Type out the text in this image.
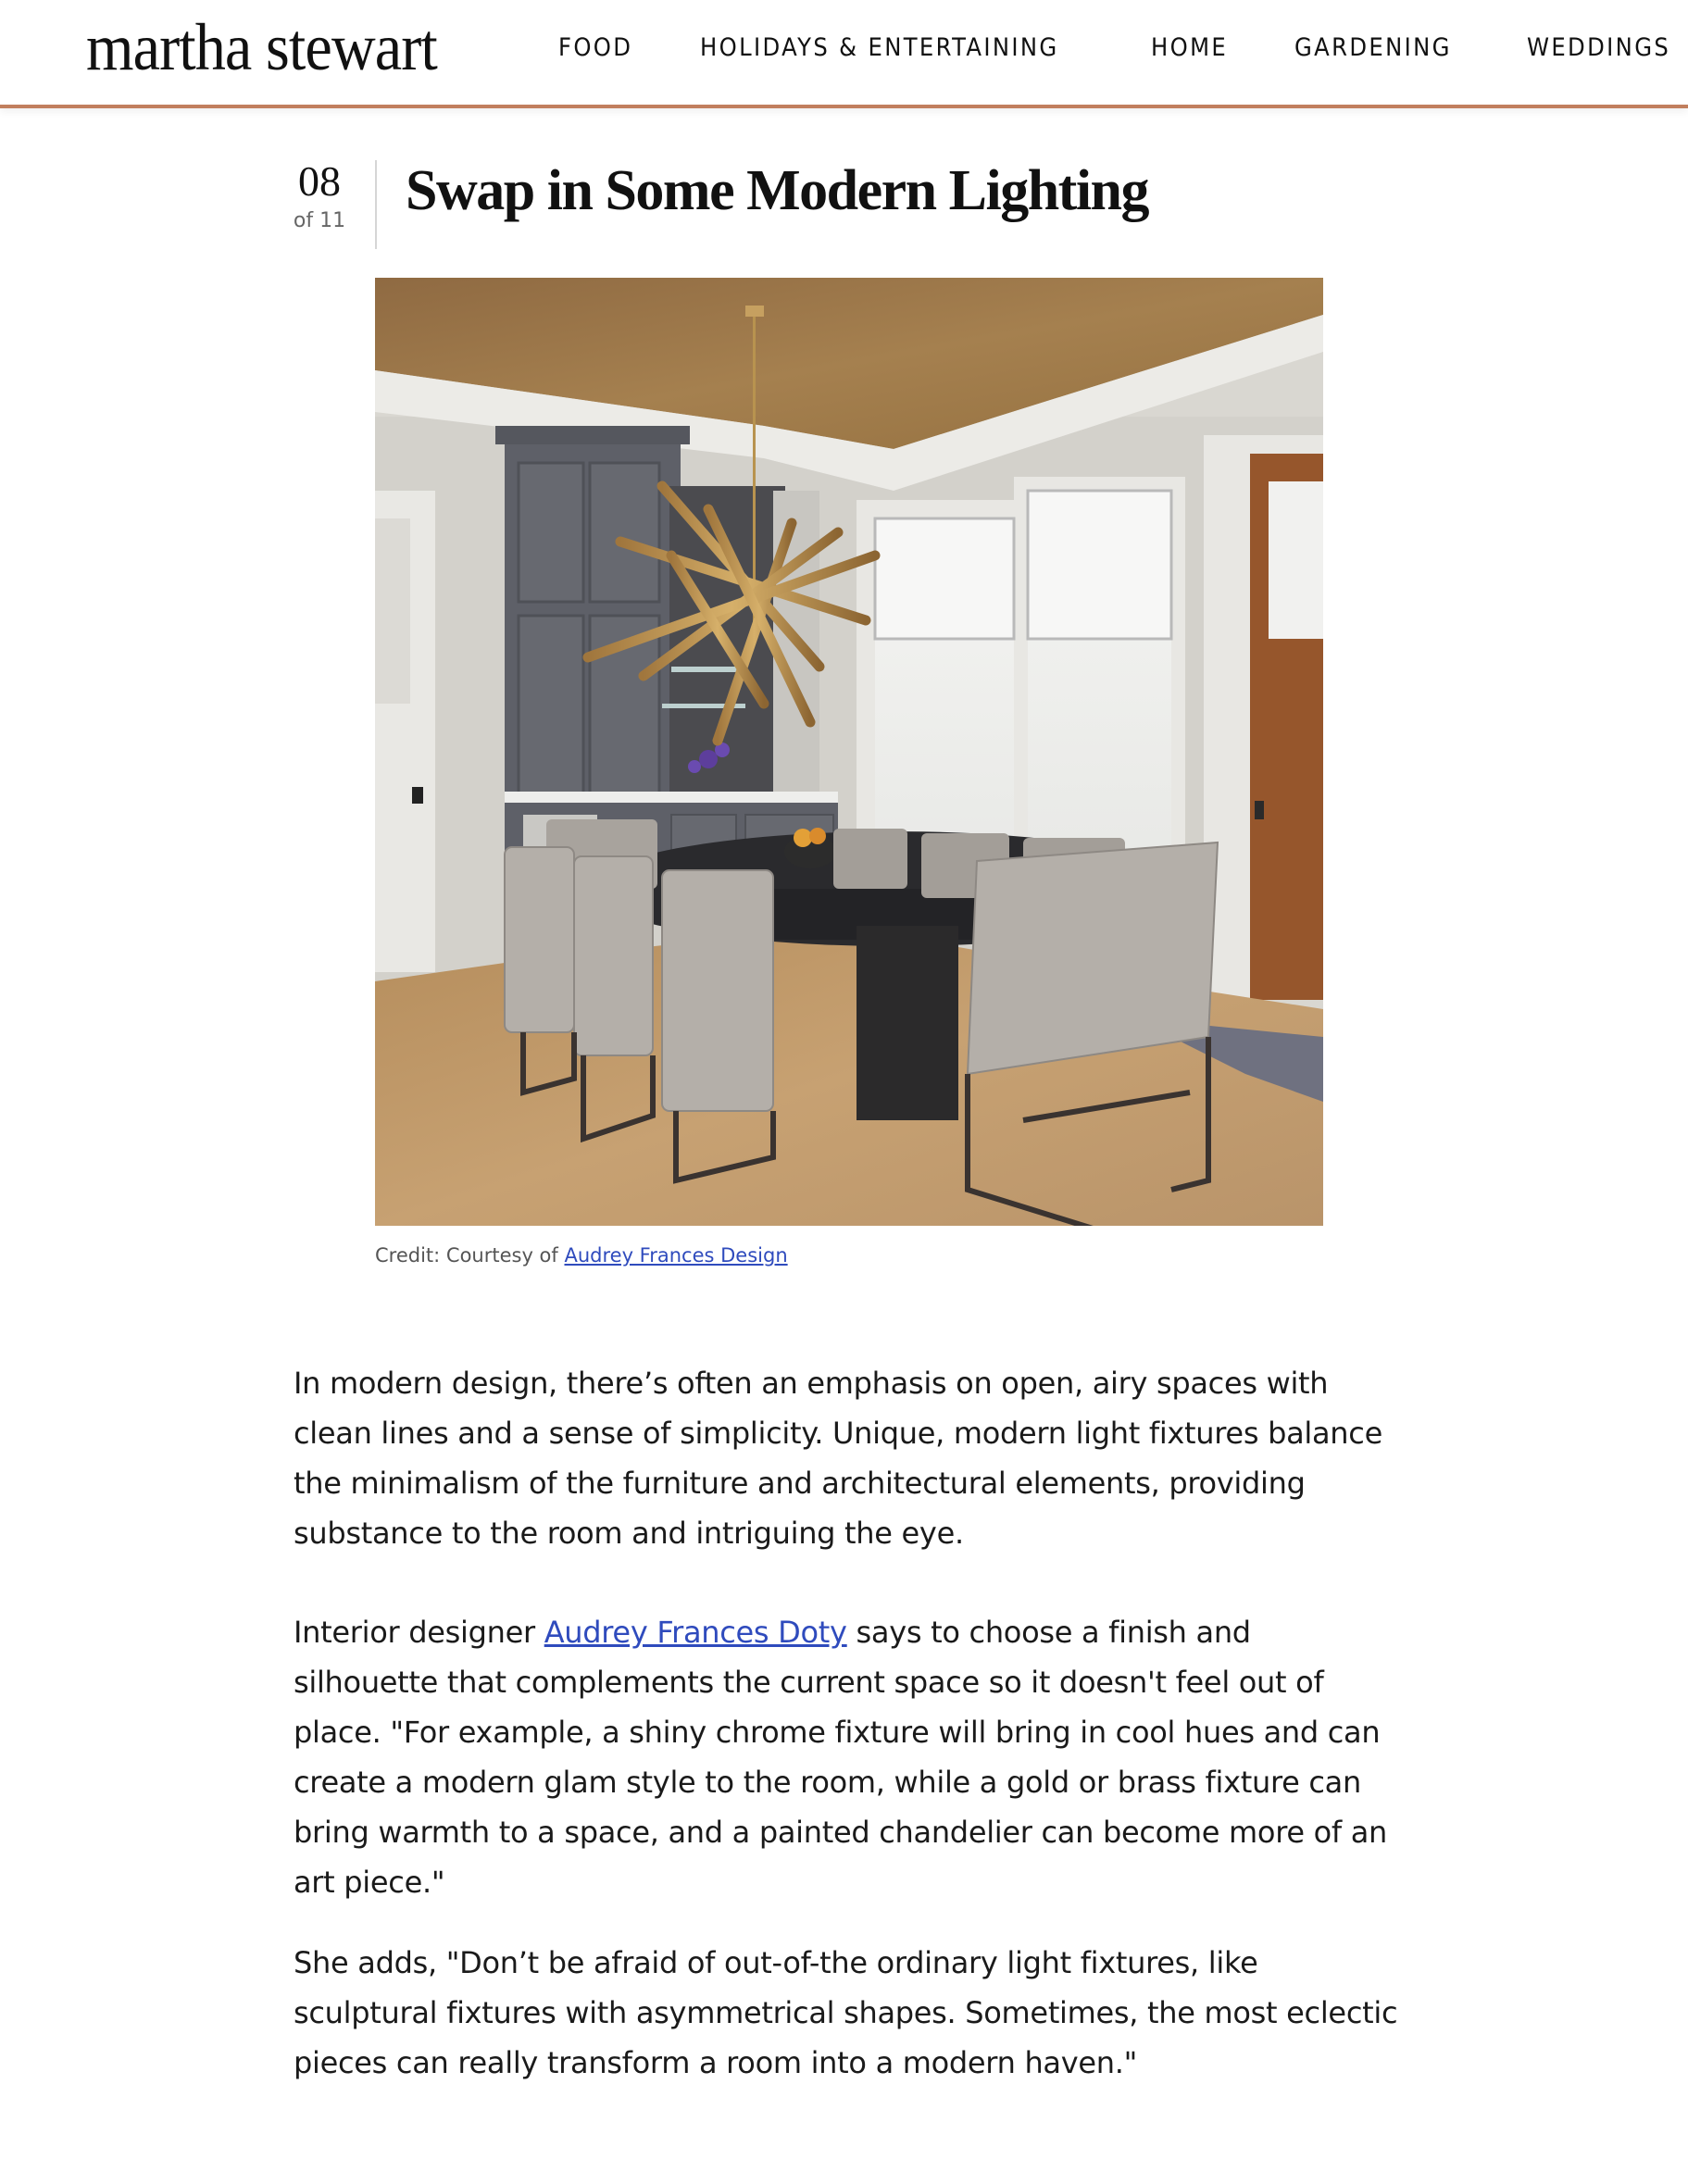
martha stewart	FOOD	HOLIDAYS & ENTERTAINING	HOME	GARDENING	WEDDINGS
08
of 11 Swap in Some Modern Lighting
Credit: Courtesy of Audrey Frances Design

In modern design, there’s often an emphasis on open, airy spaces with
clean lines and a sense of simplicity. Unique, modern light fixtures balance
the minimalism of the furniture and architectural elements, providing
substance to the room and intriguing the eye.

Interior designer Audrey Frances Doty says to choose a finish and
silhouette that complements the current space so it doesn't feel out of
place. "For example, a shiny chrome fixture will bring in cool hues and can
create a modern glam style to the room, while a gold or brass fixture can
bring warmth to a space, and a painted chandelier can become more of an
art piece."

She adds, "Don’t be afraid of out-of-the ordinary light fixtures, like
sculptural fixtures with asymmetrical shapes. Sometimes, the most eclectic
pieces can really transform a room into a modern haven."
